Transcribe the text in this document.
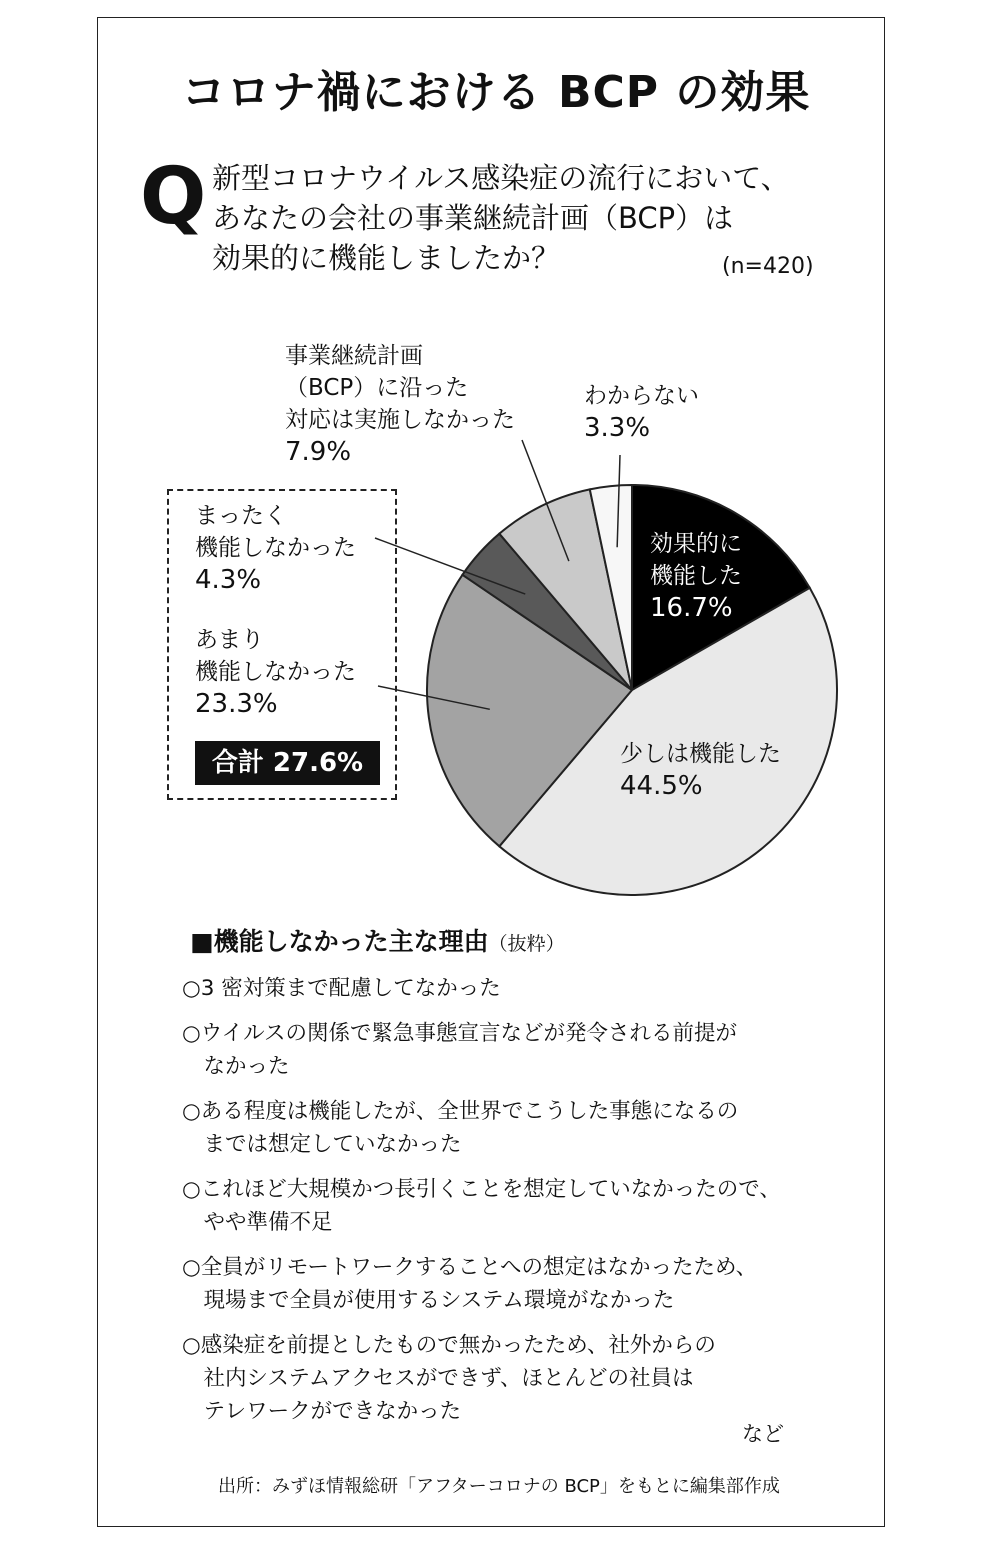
コロナ禍における BCP の効果
Q 新型コロナウイルス感染症の流行において、
あなたの会社の事業継続計画（BCP）は
効果的に機能しましたか？	(n=420)
効果的に
機能した
16.7%
少しは機能した
44.5%
あまり
機能しなかった
23.3%
まったく
機能しなかった
4.3%
事業継続計画
（BCP）に沿った
対応は実施しなかった
7.9%
わからない
3.3%
合計 27.6%
■機能しなかった主な理由（抜粋）
○3 密対策まで配慮してなかった
○ウイルスの関係で緊急事態宣言などが発令される前提が
　なかった
○ある程度は機能したが、全世界でこうした事態になるの
　までは想定していなかった
○これほど大規模かつ長引くことを想定していなかったので、
　やや準備不足
○全員がリモートワークすることへの想定はなかったため、
　現場まで全員が使用するシステム環境がなかった
○感染症を前提としたもので無かったため、社外からの
　社内システムアクセスができず、ほとんどの社員は
　テレワークができなかった
など
出所：みずほ情報総研「アフターコロナの BCP」をもとに編集部作成
